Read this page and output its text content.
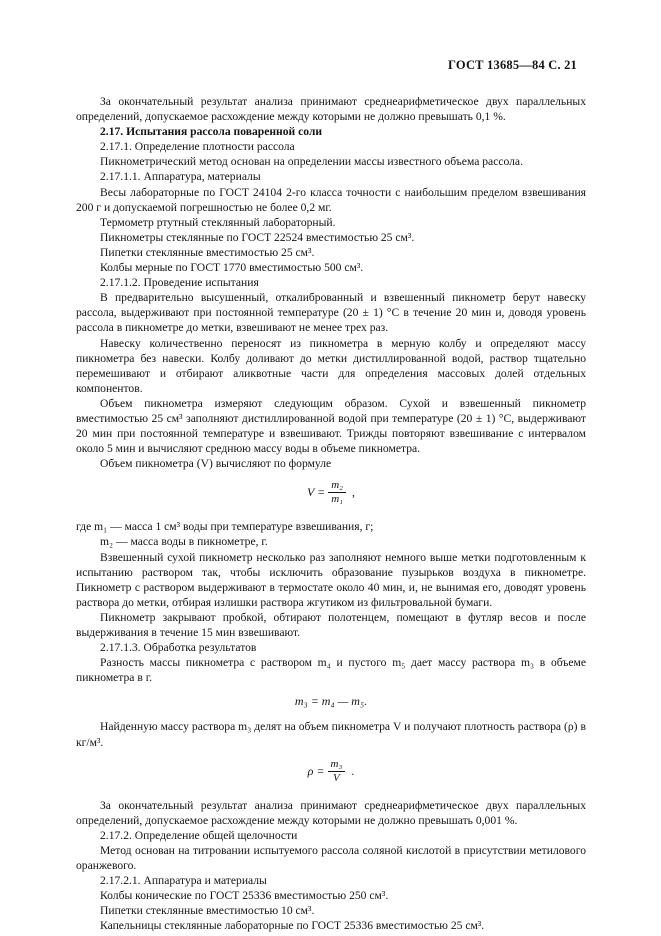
ГОСТ 13685—84 С. 21

За окончательный результат анализа принимают среднеарифметическое двух параллельных определений, допускаемое расхождение между которыми не должно превышать 0,1 %.

2.17. Испытания рассола поваренной соли

2.17.1. Определение плотности рассола

Пикнометрический метод основан на определении массы известного объема рассола.

2.17.1.1. Аппаратура, материалы

Весы лабораторные по ГОСТ 24104 2-го класса точности с наибольшим пределом взвешивания 200 г и допускаемой погрешностью не более 0,2 мг.

Термометр ртутный стеклянный лабораторный.

Пикнометры стеклянные по ГОСТ 22524 вместимостью 25 см³.

Пипетки стеклянные вместимостью 25 см³.

Колбы мерные по ГОСТ 1770 вместимостью 500 см³.

2.17.1.2. Проведение испытания

В предварительно высушенный, откалиброванный и взвешенный пикнометр берут навеску рассола, выдерживают при постоянной температуре (20 ± 1) °С в течение 20 мин и, доводя уровень рассола в пикнометре до метки, взвешивают не менее трех раз.

Навеску количественно переносят из пикнометра в мерную колбу и определяют массу пикнометра без навески. Колбу доливают до метки дистиллированной водой, раствор тщательно перемешивают и отбирают аликвотные части для определения массовых долей отдельных компонентов.

Объем пикнометра измеряют следующим образом. Сухой и взвешенный пикнометр вместимостью 25 см³ заполняют дистиллированной водой при температуре (20 ± 1) °С, выдерживают 20 мин при постоянной температуре и взвешивают. Трижды повторяют взвешивание с интервалом около 5 мин и вычисляют среднюю массу воды в объеме пикнометра.

Объем пикнометра (V) вычисляют по формуле

$V = \frac{\text{m₂}}{\text{m₁}}$ ,

где m₁ — масса 1 см³ воды при температуре взвешивания, г;

m₂ — масса воды в пикнометре, г.

Взвешенный сухой пикнометр несколько раз заполняют немного выше метки подготовленным к испытанию раствором так, чтобы исключить образование пузырьков воздуха в пикнометре. Пикнометр с раствором выдерживают в термостате около 40 мин, и, не вынимая его, доводят уровень раствора до метки, отбирая излишки раствора жгутиком из фильтровальной бумаги.

Пикнометр закрывают пробкой, обтирают полотенцем, помещают в футляр весов и после выдерживания в течение 15 мин взвешивают.

2.17.1.3. Обработка результатов

Разность массы пикнометра с раствором m₄ и пустого m₅ дает массу раствора m₃ в объеме пикнометра в г.

m₃ = m₄ — m₅.

Найденную массу раствора m₃ делят на объем пикнометра V и получают плотность раствора (ρ) в кг/м³.

$\rho = \frac{\text{m₃}}{V}$ .

За окончательный результат анализа принимают среднеарифметическое двух параллельных определений, допускаемое расхождение между которыми не должно превышать 0,001 %.

2.17.2. Определение общей щелочности

Метод основан на титровании испытуемого рассола соляной кислотой в присутствии метилового оранжевого.

2.17.2.1. Аппаратура и материалы

Колбы конические по ГОСТ 25336 вместимостью 250 см³.

Пипетки стеклянные вместимостью 10 см³.

Капельницы стеклянные лабораторные по ГОСТ 25336 вместимостью 25 см³.
